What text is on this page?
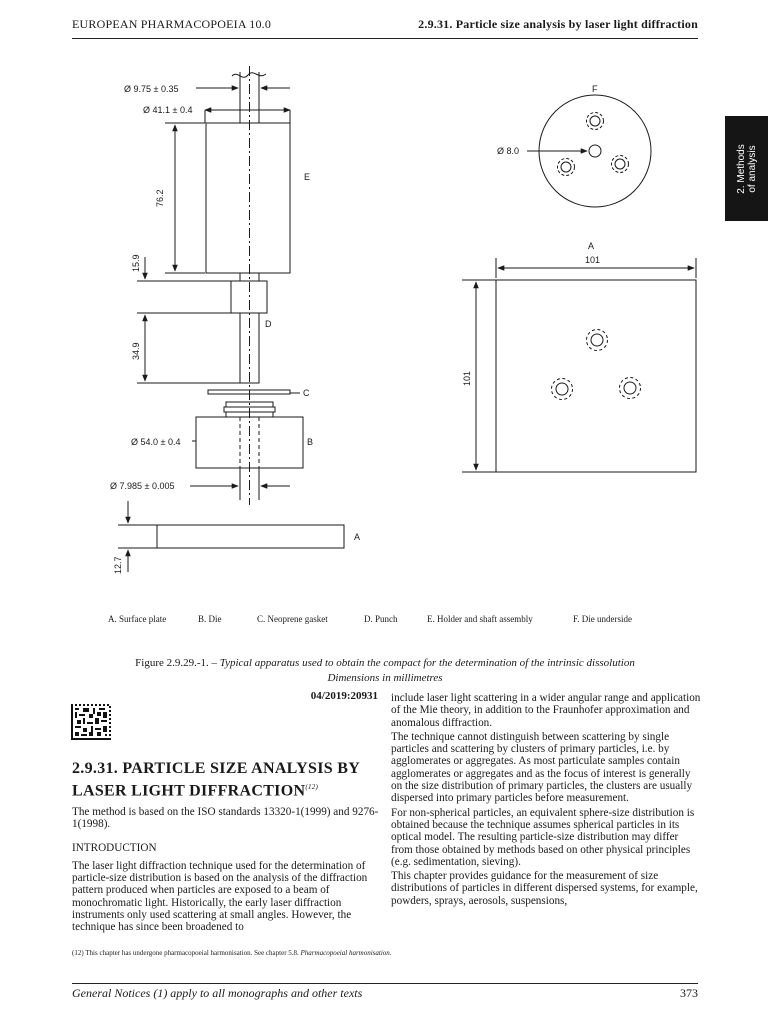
EUROPEAN PHARMACOPOEIA 10.0	2.9.31. Particle size analysis by laser light diffraction
2. Methods of analysis
Ø 9.75 ± 0.35
Ø 41.1 ± 0.4
76.2
15.9
34.9
Ø 54.0 ± 0.4
Ø 7.985 ± 0.005
12.7
Ø 8.0
101
101
E
D
C
B
A
F
A
A. Surface plate	B. Die	C. Neoprene gasket	D. Punch	E. Holder and shaft assembly	F. Die underside
Figure 2.9.29.-1. – Typical apparatus used to obtain the compact for the determination of the intrinsic dissolution
Dimensions in millimetres
04/2019:20931
2.9.31. PARTICLE SIZE ANALYSIS BY LASER LIGHT DIFFRACTION$^{(12)}$

The method is based on the ISO standards 13320-1(1999) and 9276-1(1998).

INTRODUCTION

The laser light diffraction technique used for the determination of particle-size distribution is based on the analysis of the diffraction pattern produced when particles are exposed to a beam of monochromatic light. Historically, the early laser diffraction instruments only used scattering at small angles. However, the technique has since been broadened to

include laser light scattering in a wider angular range and application of the Mie theory, in addition to the Fraunhofer approximation and anomalous diffraction.

The technique cannot distinguish between scattering by single particles and scattering by clusters of primary particles, i.e. by agglomerates or aggregates. As most particulate samples contain agglomerates or aggregates and as the focus of interest is generally on the size distribution of primary particles, the clusters are usually dispersed into primary particles before measurement.

For non-spherical particles, an equivalent sphere-size distribution is obtained because the technique assumes spherical particles in its optical model. The resulting particle-size distribution may differ from those obtained by methods based on other physical principles (e.g. sedimentation, sieving).

This chapter provides guidance for the measurement of size distributions of particles in different dispersed systems, for example, powders, sprays, aerosols, suspensions,

(12) This chapter has undergone pharmacopoeial harmonisation. See chapter 5.8. Pharmacopoeial harmonisation.
General Notices (1) apply to all monographs and other texts	373
